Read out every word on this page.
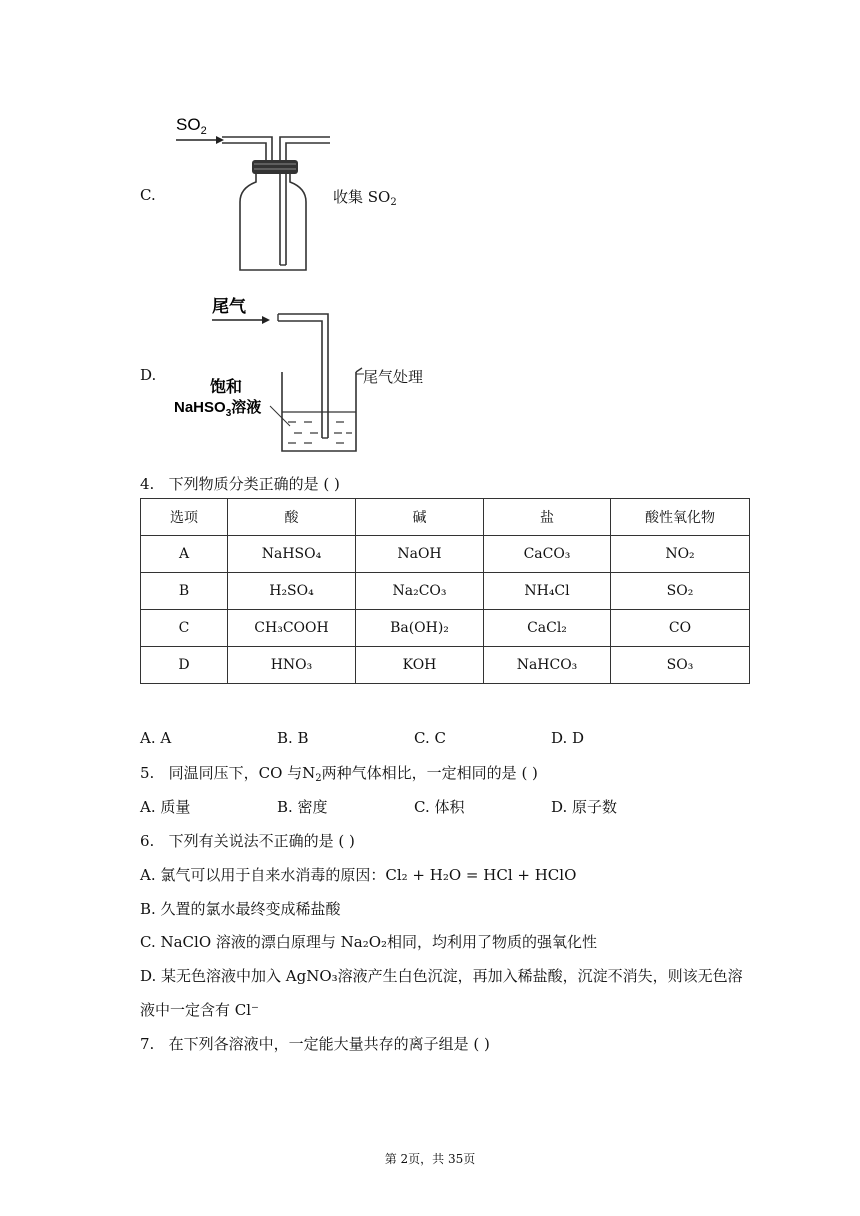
C.
$SO_2$
收集 $SO_2$
D.
尾气
饱和
NaHSO$_3$溶液
尾气处理
4. 下列物质分类正确的是 ( )
选项	酸	碱	盐	酸性氧化物
A	NaHSO₄	NaOH	CaCO₃	NO₂
B	H₂SO₄	Na₂CO₃	NH₄Cl	SO₂
C	CH₃COOH	Ba(OH)₂	CaCl₂	CO
D	HNO₃	KOH	NaHCO₃	SO₃
A. A	B. B	C. C	D. D
5. 同温同压下，CO 与$N_2$两种气体相比，一定相同的是 ( )
A. 质量	B. 密度	C. 体积	D. 原子数
6. 下列有关说法不正确的是 ( )
A. 氯气可以用于自来水消毒的原因：Cl₂ + H₂O = HCl + HClO
B. 久置的氯水最终变成稀盐酸
C. NaClO 溶液的漂白原理与 Na₂O₂相同，均利用了物质的强氧化性
D. 某无色溶液中加入 AgNO₃溶液产生白色沉淀，再加入稀盐酸，沉淀不消失，则该无色溶
液中一定含有 Cl⁻
7. 在下列各溶液中，一定能大量共存的离子组是 ( )
第 2页，共 35页
